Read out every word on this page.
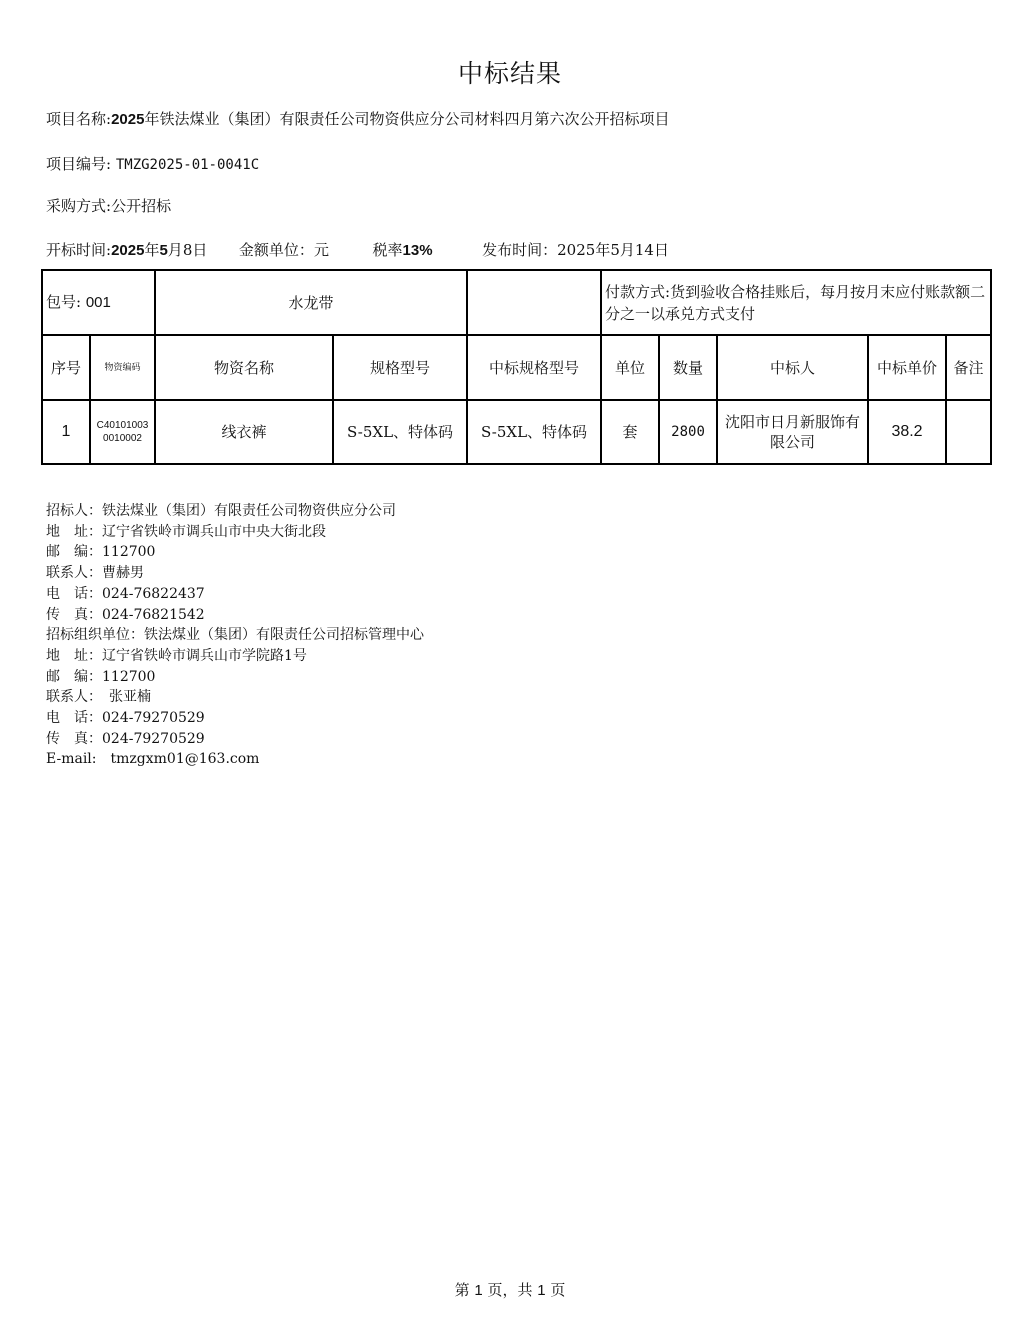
中标结果
项目名称:2025年铁法煤业（集团）有限责任公司物资供应分公司材料四月第六次公开招标项目
项目编号: TMZG2025-01-0041C
采购方式:公开招标
开标时间:2025年5月8日 金额单位：元	税率13%	发布时间：2025年5月14日
包号: 001		水龙带			付款方式:货到验收合格挂账后，每月按月末应付账款额二分之一以承兑方式支付				
序号	物资编码	物资名称	规格型号	中标规格型号	单位	数量	中标人	中标单价	备注
1	C401010030010002	线衣裤	S-5XL、特体码	S-5XL、特体码	套	2800	沈阳市日月新服饰有限公司	38.2	
招标人：铁法煤业（集团）有限责任公司物资供应分公司
地　址：辽宁省铁岭市调兵山市中央大街北段
邮　编：112700
联系人：曹赫男
电　话：024-76822437
传　真：024-76821542
招标组织单位：铁法煤业（集团）有限责任公司招标管理中心
地　址：辽宁省铁岭市调兵山市学院路1号
邮　编：112700
联系人：　张亚楠
电　话：024-79270529
传　真：024-79270529
E-mail:　tmzgxm01@163.com
第 1 页，共 1 页
